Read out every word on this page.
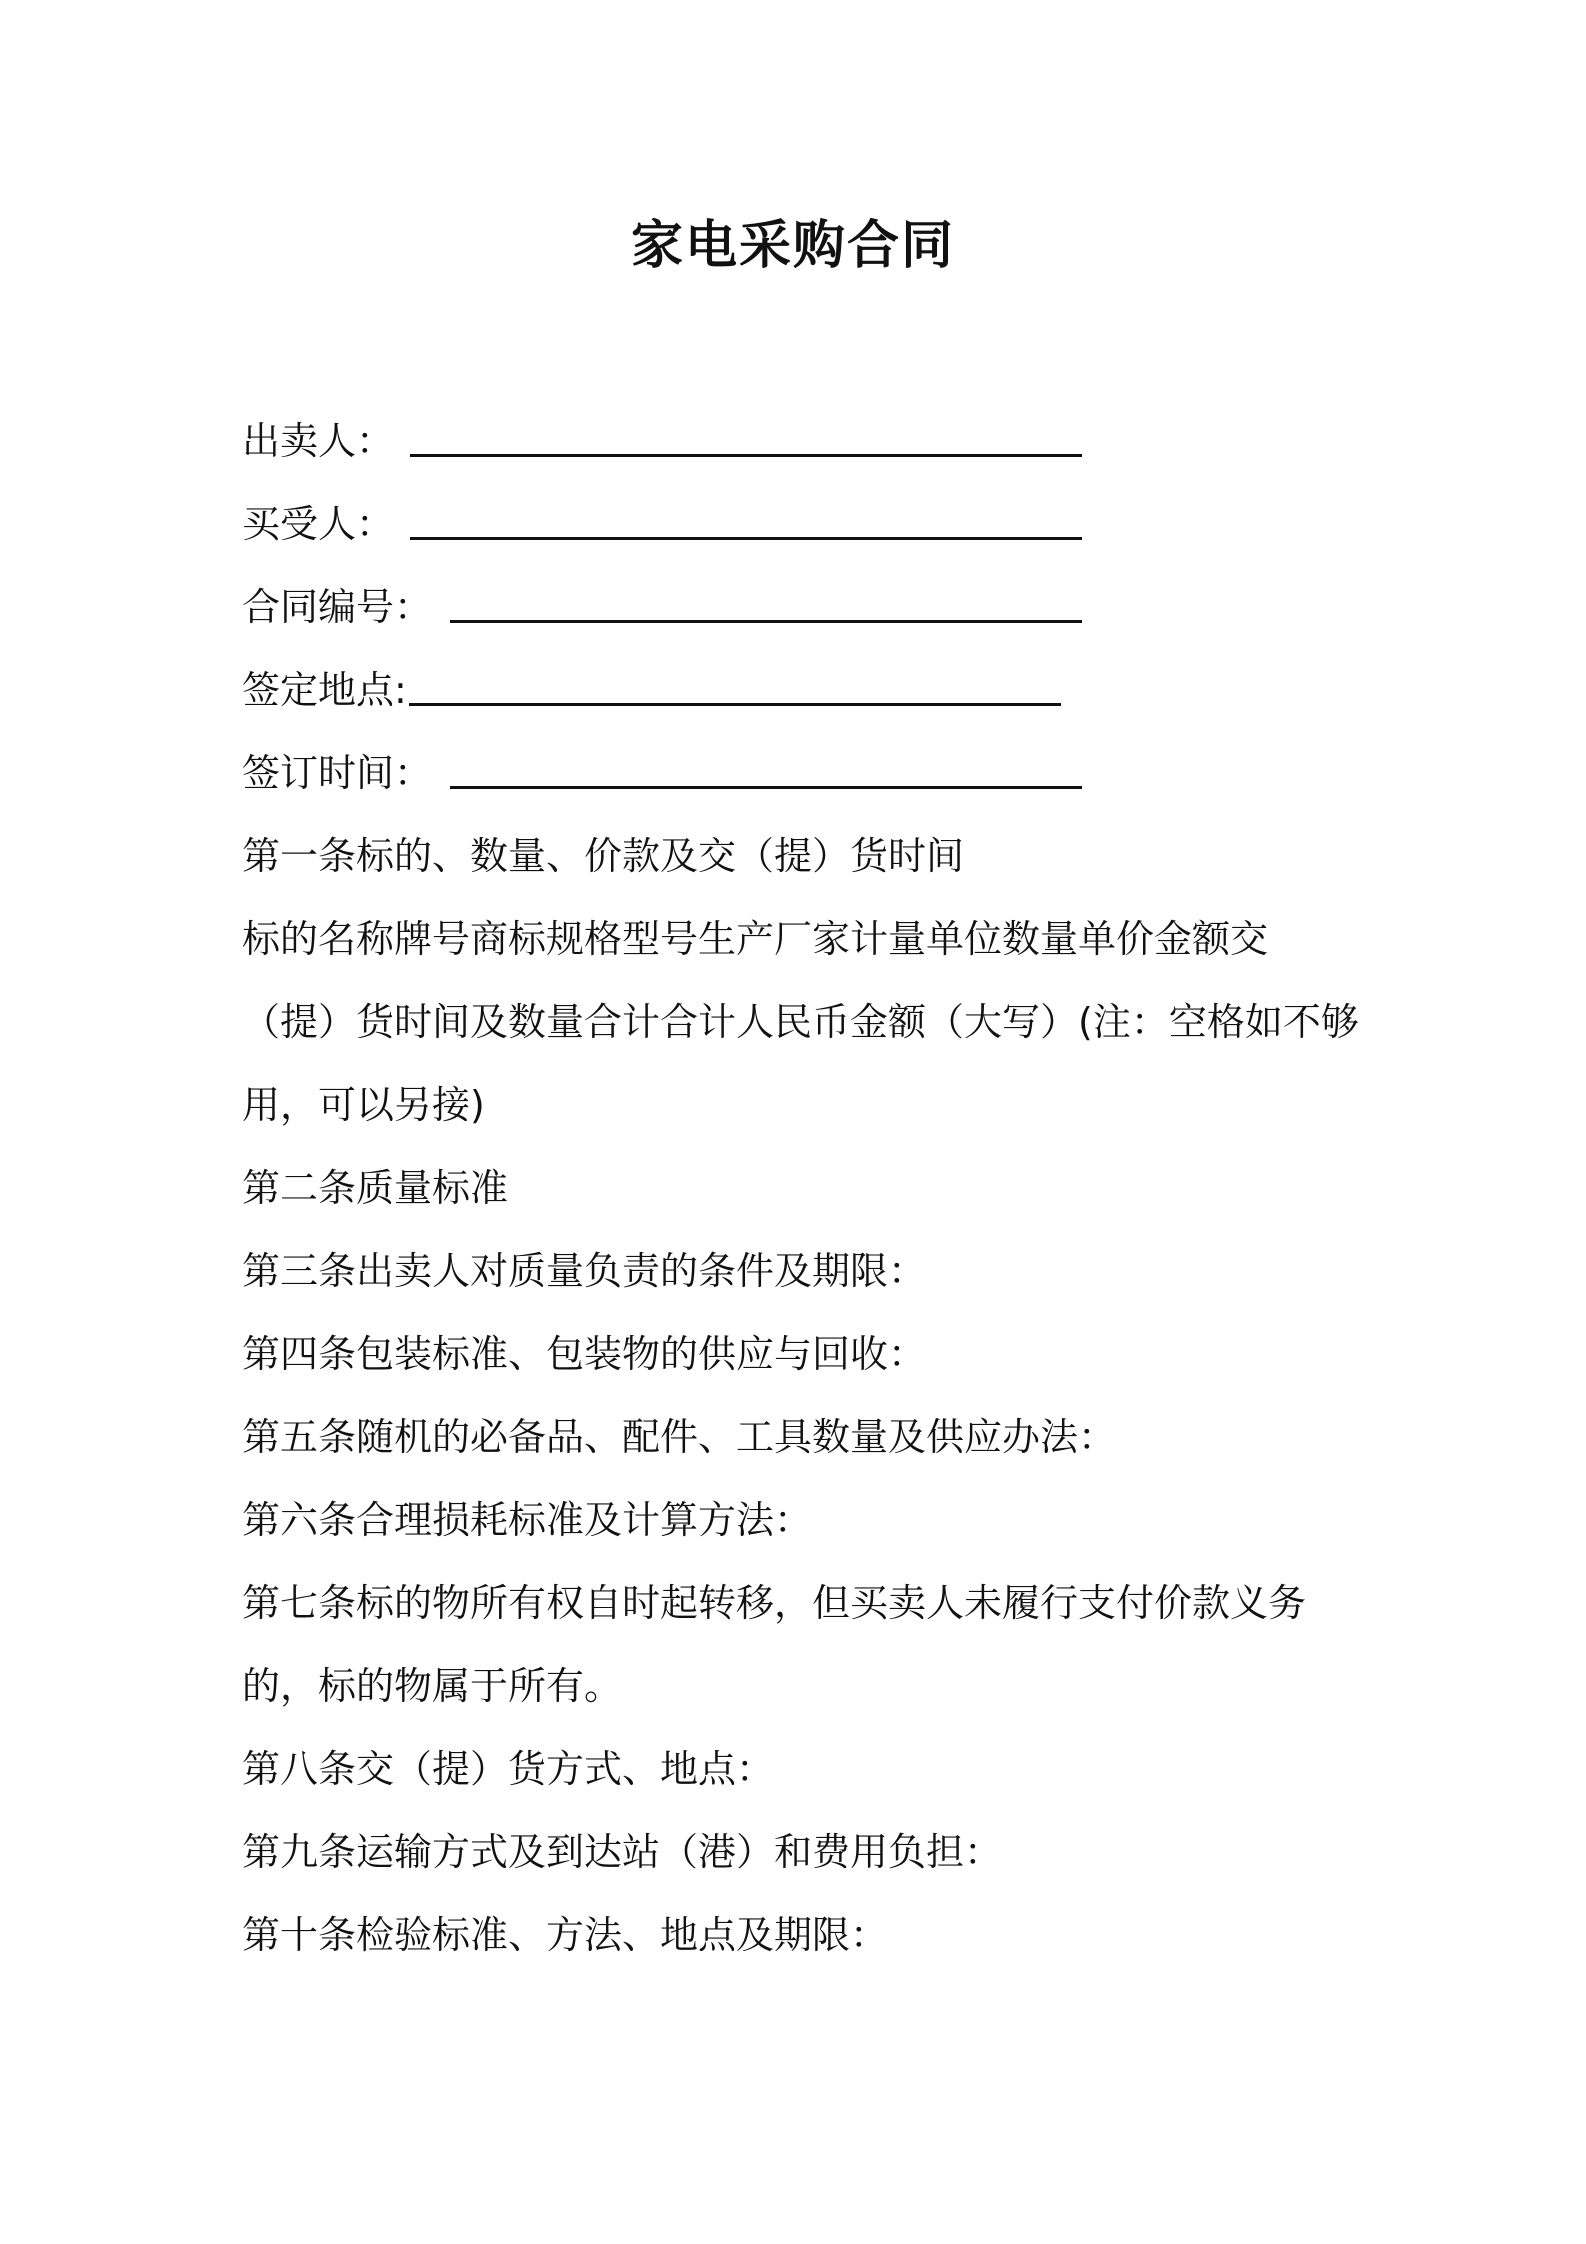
家电采购合同
出卖人：
买受人：
合同编号：
签定地点:
签订时间：

第一条标的、数量、价款及交（提）货时间

标的名称牌号商标规格型号生产厂家计量单位数量单价金额交（提）货时间及数量合计合计人民币金额（大写）(注：空格如不够用，可以另接)

第二条质量标准

第三条出卖人对质量负责的条件及期限：

第四条包装标准、包装物的供应与回收：

第五条随机的必备品、配件、工具数量及供应办法：

第六条合理损耗标准及计算方法：

第七条标的物所有权自时起转移，但买卖人未履行支付价款义务的，标的物属于所有。

第八条交（提）货方式、地点：

第九条运输方式及到达站（港）和费用负担：

第十条检验标准、方法、地点及期限：
